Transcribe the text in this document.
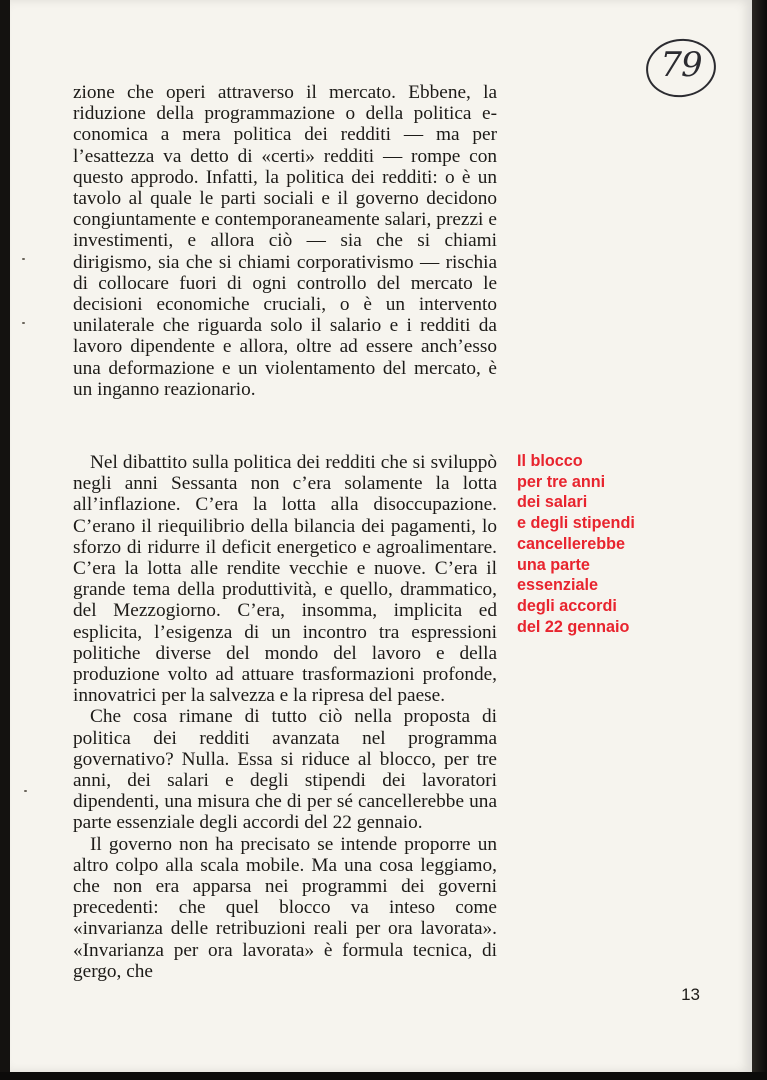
79

zione che operi attraverso il mercato. Ebbene, la riduzione della programmazione o della politica e-conomica a mera politica dei redditi — ma per l’esattezza va detto di «certi» redditi — rompe con questo approdo. Infatti, la politica dei redditi: o è un tavolo al quale le parti sociali e il governo decidono congiuntamente e contemporaneamente salari, prezzi e investimenti, e allora ciò — sia che si chiami dirigismo, sia che si chiami corporativismo — rischia di collocare fuori di ogni controllo del mercato le decisioni economiche cruciali, o è un intervento unilaterale che riguarda solo il salario e i redditi da lavoro dipendente e allora, oltre ad essere anch’esso una deformazione e un violentamento del mercato, è un inganno reazionario.

Nel dibattito sulla politica dei redditi che si sviluppò negli anni Sessanta non c’era solamente la lotta all’inflazione. C’era la lotta alla disoccupazione. C’erano il riequilibrio della bilancia dei pagamenti, lo sforzo di ridurre il deficit energetico e agroalimentare. C’era la lotta alle rendite vecchie e nuove. C’era il grande tema della produttività, e quello, drammatico, del Mezzogiorno. C’era, insomma, implicita ed esplicita, l’esigenza di un incontro tra espressioni politiche diverse del mondo del lavoro e della produzione volto ad attuare trasformazioni profonde, innovatrici per la salvezza e la ripresa del paese.

Che cosa rimane di tutto ciò nella proposta di politica dei redditi avanzata nel programma governativo? Nulla. Essa si riduce al blocco, per tre anni, dei salari e degli stipendi dei lavoratori dipendenti, una misura che di per sé cancellerebbe una parte essenziale degli accordi del 22 gennaio.

Il governo non ha precisato se intende proporre un altro colpo alla scala mobile. Ma una cosa leggiamo, che non era apparsa nei programmi dei governi precedenti: che quel blocco va inteso come «invarianza delle retribuzioni reali per ora lavorata». «Invarianza per ora lavorata» è formula tecnica, di gergo, che

Il blocco
per tre anni
dei salari
e degli stipendi
cancellerebbe
una parte
essenziale
degli accordi
del 22 gennaio
13
